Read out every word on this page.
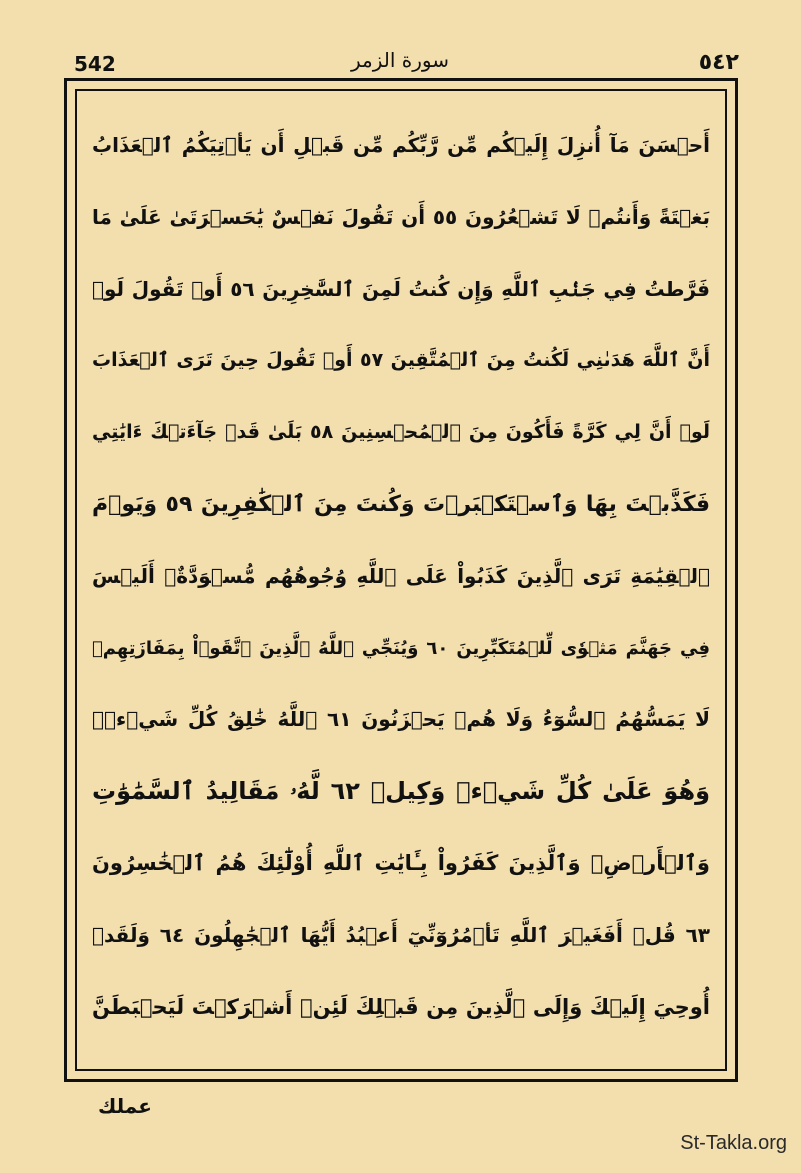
542	سورة الزمر	٥٤٢
أَحۡسَنَ مَآ أُنزِلَ إِلَيۡكُم مِّن رَّبِّكُم مِّن قَبۡلِ أَن يَأۡتِيَكُمُ ٱلۡعَذَابُ
بَغۡتَةً وَأَنتُمۡ لَا تَشۡعُرُونَ ٥٥ أَن تَقُولَ نَفۡسٌ يَٰحَسۡرَتَىٰ عَلَىٰ مَا
فَرَّطتُ فِي جَنۢبِ ٱللَّهِ وَإِن كُنتُ لَمِنَ ٱلسَّٰخِرِينَ ٥٦ أَوۡ تَقُولَ لَوۡ
أَنَّ ٱللَّهَ هَدَىٰنِي لَكُنتُ مِنَ ٱلۡمُتَّقِينَ ٥٧ أَوۡ تَقُولَ حِينَ تَرَى ٱلۡعَذَابَ
لَوۡ أَنَّ لِي كَرَّةً فَأَكُونَ مِنَ ٱلۡمُحۡسِنِينَ ٥٨ بَلَىٰ قَدۡ جَآءَتۡكَ ءَايَٰتِي
فَكَذَّبۡتَ بِهَا وَٱسۡتَكۡبَرۡتَ وَكُنتَ مِنَ ٱلۡكَٰفِرِينَ ٥٩ وَيَوۡمَ
ٱلۡقِيَٰمَةِ تَرَى ٱلَّذِينَ كَذَبُواْ عَلَى ٱللَّهِ وُجُوهُهُم مُّسۡوَدَّةٌۚ أَلَيۡسَ
فِي جَهَنَّمَ مَثۡوٗى لِّلۡمُتَكَبِّرِينَ ٦٠ وَيُنَجِّي ٱللَّهُ ٱلَّذِينَ ٱتَّقَوۡاْ بِمَفَازَتِهِمۡ
لَا يَمَسُّهُمُ ٱلسُّوٓءُ وَلَا هُمۡ يَحۡزَنُونَ ٦١ ٱللَّهُ خَٰلِقُ كُلِّ شَيۡءٖۖ
وَهُوَ عَلَىٰ كُلِّ شَيۡءٖ وَكِيلٞ ٦٢ لَّهُۥ مَقَالِيدُ ٱلسَّمَٰوَٰتِ
وَٱلۡأَرۡضِۗ وَٱلَّذِينَ كَفَرُواْ بِـَٔايَٰتِ ٱللَّهِ أُوْلَٰٓئِكَ هُمُ ٱلۡخَٰسِرُونَ
٦٣ قُلۡ أَفَغَيۡرَ ٱللَّهِ تَأۡمُرُوٓنِّيٓ أَعۡبُدُ أَيُّهَا ٱلۡجَٰهِلُونَ ٦٤ وَلَقَدۡ
أُوحِيَ إِلَيۡكَ وَإِلَى ٱلَّذِينَ مِن قَبۡلِكَ لَئِنۡ أَشۡرَكۡتَ لَيَحۡبَطَنَّ
عملك
St-Takla.org
